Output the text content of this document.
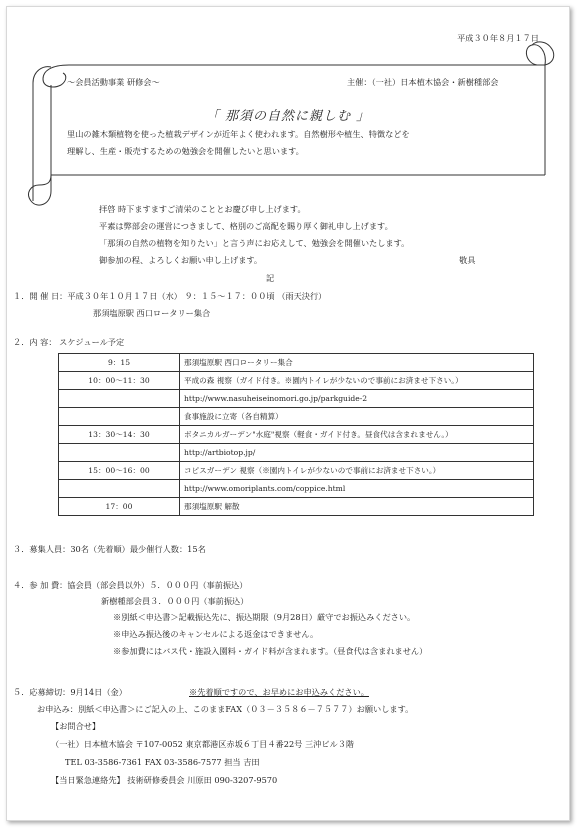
平成３０年８月１７日
～会員活動事業 研修会～	主催：（一社）日本植木協会・新樹種部会
「 那須の自然に親しむ 」
里山の雑木類植物を使った植栽デザインが近年よく使われます。自然樹形や植生、特徴などを
理解し、生産・販売するための勉強会を開催したいと思います。
拝啓 時下ますますご清栄のこととお慶び申し上げます。
平素は弊部会の運営につきまして、格別のご高配を賜り厚く御礼申し上げます。
「那須の自然の植物を知りたい」と言う声にお応えして、勉強会を開催いたします。
御参加の程、よろしくお願い申し上げます。	敬具
記
１．開 催 日：平成３０年１０月１７日（水） ９：１５～１７：００頃 （雨天決行）
那須塩原駅 西口ロータリー集合
２．内 容： スケジュール予定
9：15	那須塩原駅 西口ロータリー集合
10：00～11：30	平成の森 視察（ガイド付き。※園内トイレが少ないので事前にお済ませ下さい。）
	http://www.nasuheiseinomori.go.jp/parkguide-2
	食事施設に立寄（各自精算）
13：30～14：30	ボタニカルガーデン"水庭"視察（軽食・ガイド付き。昼食代は含まれません。）
	http://artbiotop.jp/
15：00～16：00	コピスガーデン 視察（※園内トイレが少ないので事前にお済ませ下さい。）
	http://www.omoriplants.com/coppice.html
17：00	那須塩原駅 解散
３．募集人員：30名（先着順）最少催行人数：15名
４．参 加 費：協会員（部会員以外）５．０００円（事前振込）
新樹種部会員３．０００円（事前振込）
※別紙＜申込書＞記載振込先に、振込期限（9月28日）厳守でお振込みください。
※申込み振込後のキャンセルによる返金はできません。
※参加費にはバス代・施設入園料・ガイド料が含まれます。（昼食代は含まれません）
５．応募締切：9月14日（金）	※先着順ですので、お早めにお申込みください。
お申込み：別紙＜申込書＞にご記入の上、このままFAX（０３－３５８６－７５７７）お願いします。
【お問合せ】
（一社）日本植木協会 〒107-0052 東京都港区赤坂６丁目４番22号 三沖ビル３階
TEL 03-3586-7361 FAX 03-3586-7577 担当 吉田
【当日緊急連絡先】 技術研修委員会 川原田 090-3207-9570
